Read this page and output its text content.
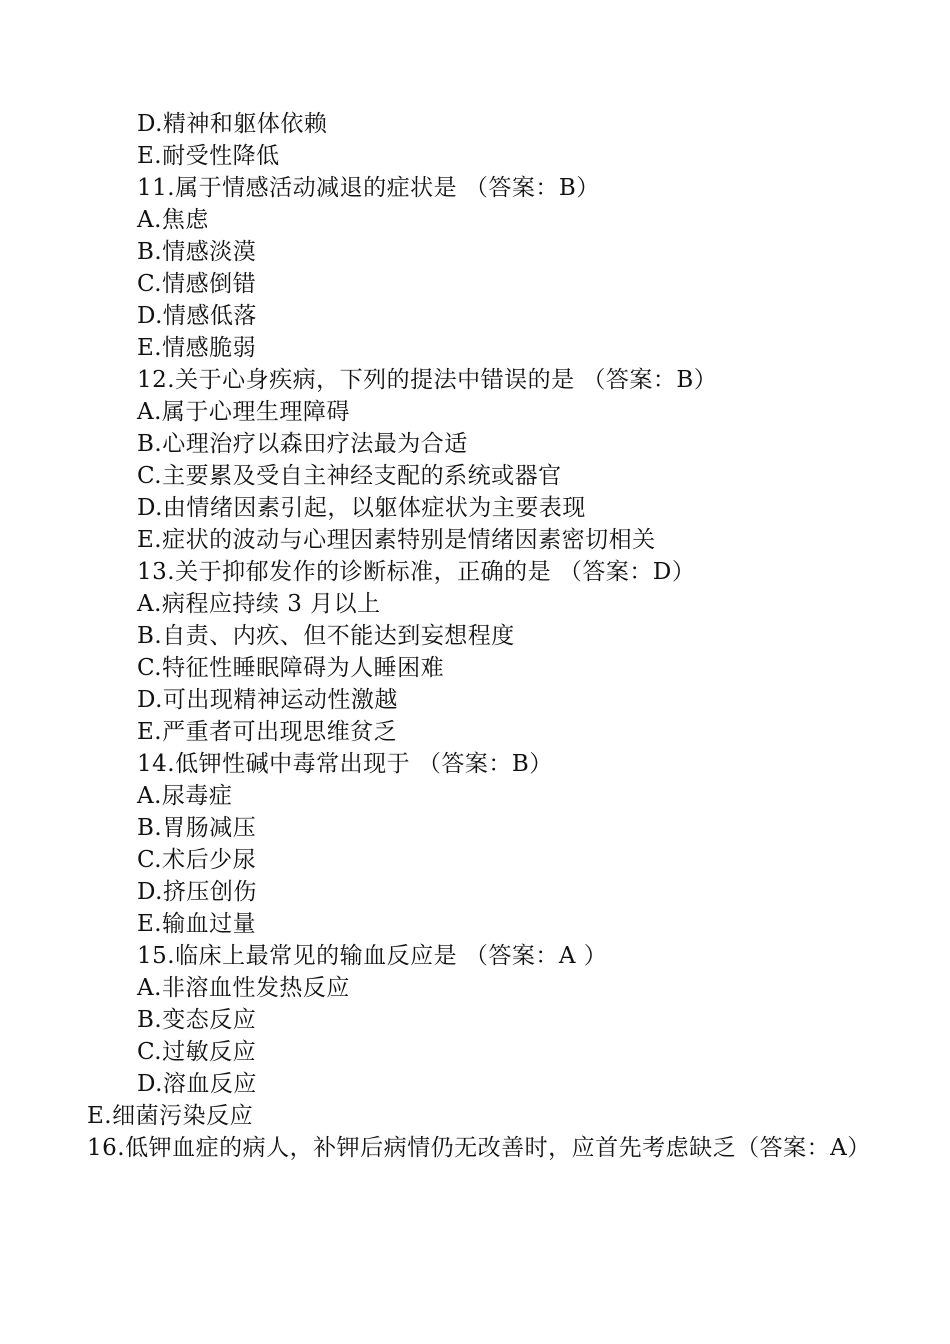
D.精神和躯体依赖
E.耐受性降低
11.属于情感活动减退的症状是 （答案：B）
A.焦虑
B.情感淡漠
C.情感倒错
D.情感低落
E.情感脆弱
12.关于心身疾病，下列的提法中错误的是 （答案：B）
A.属于心理生理障碍
B.心理治疗以森田疗法最为合适
C.主要累及受自主神经支配的系统或器官
D.由情绪因素引起，以躯体症状为主要表现
E.症状的波动与心理因素特别是情绪因素密切相关
13.关于抑郁发作的诊断标准，正确的是 （答案：D）
A.病程应持续 3 月以上
B.自责、内疚、但不能达到妄想程度
C.特征性睡眠障碍为人睡困难
D.可出现精神运动性激越
E.严重者可出现思维贫乏
14.低钾性碱中毒常出现于 （答案：B）
A.尿毒症
B.胃肠减压
C.术后少尿
D.挤压创伤
E.输血过量
15.临床上最常见的输血反应是 （答案：A ）
A.非溶血性发热反应
B.变态反应
C.过敏反应
D.溶血反应
E.细菌污染反应
16.低钾血症的病人，补钾后病情仍无改善时，应首先考虑缺乏（答案：A）
